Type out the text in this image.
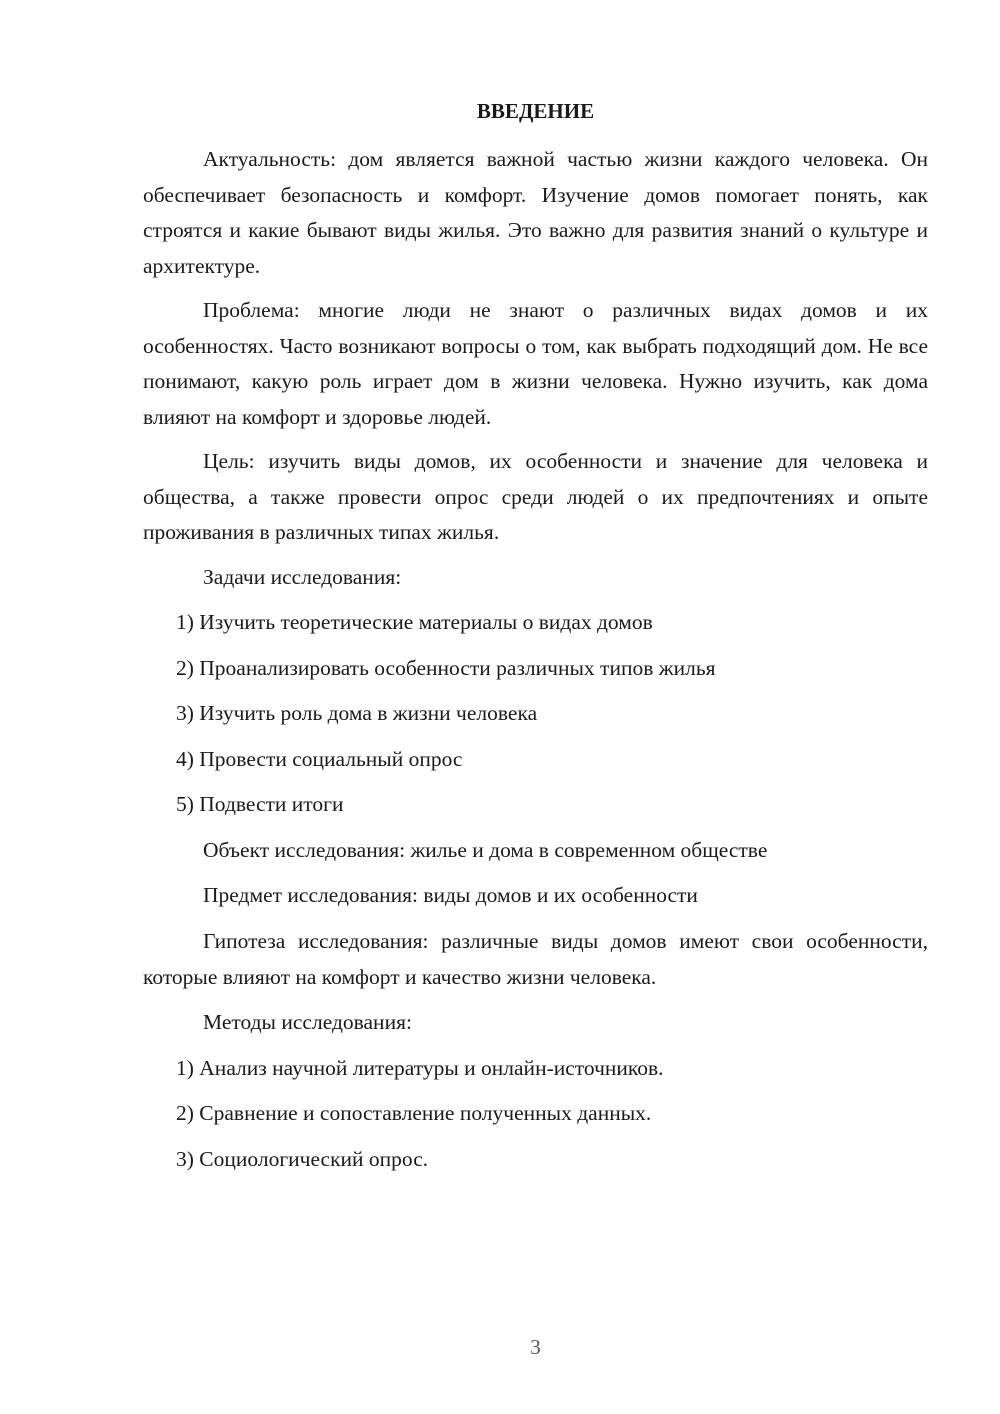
ВВЕДЕНИЕ

Актуальность: дом является важной частью жизни каждого человека. Он обеспечивает безопасность и комфорт. Изучение домов помогает понять, как строятся и какие бывают виды жилья. Это важно для развития знаний о культуре и архитектуре.

Проблема: многие люди не знают о различных видах домов и их особенностях. Часто возникают вопросы о том, как выбрать подходящий дом. Не все понимают, какую роль играет дом в жизни человека. Нужно изучить, как дома влияют на комфорт и здоровье людей.

Цель: изучить виды домов, их особенности и значение для человека и общества, а также провести опрос среди людей о их предпочтениях и опыте проживания в различных типах жилья.

Задачи исследования:

1) Изучить теоретические материалы о видах домов

2) Проанализировать особенности различных типов жилья

3) Изучить роль дома в жизни человека

4) Провести социальный опрос

5) Подвести итоги

Объект исследования: жилье и дома в современном обществе

Предмет исследования: виды домов и их особенности

Гипотеза исследования: различные виды домов имеют свои особенности, которые влияют на комфорт и качество жизни человека.

Методы исследования:

1) Анализ научной литературы и онлайн-источников.

2) Сравнение и сопоставление полученных данных.

3) Социологический опрос.

3
